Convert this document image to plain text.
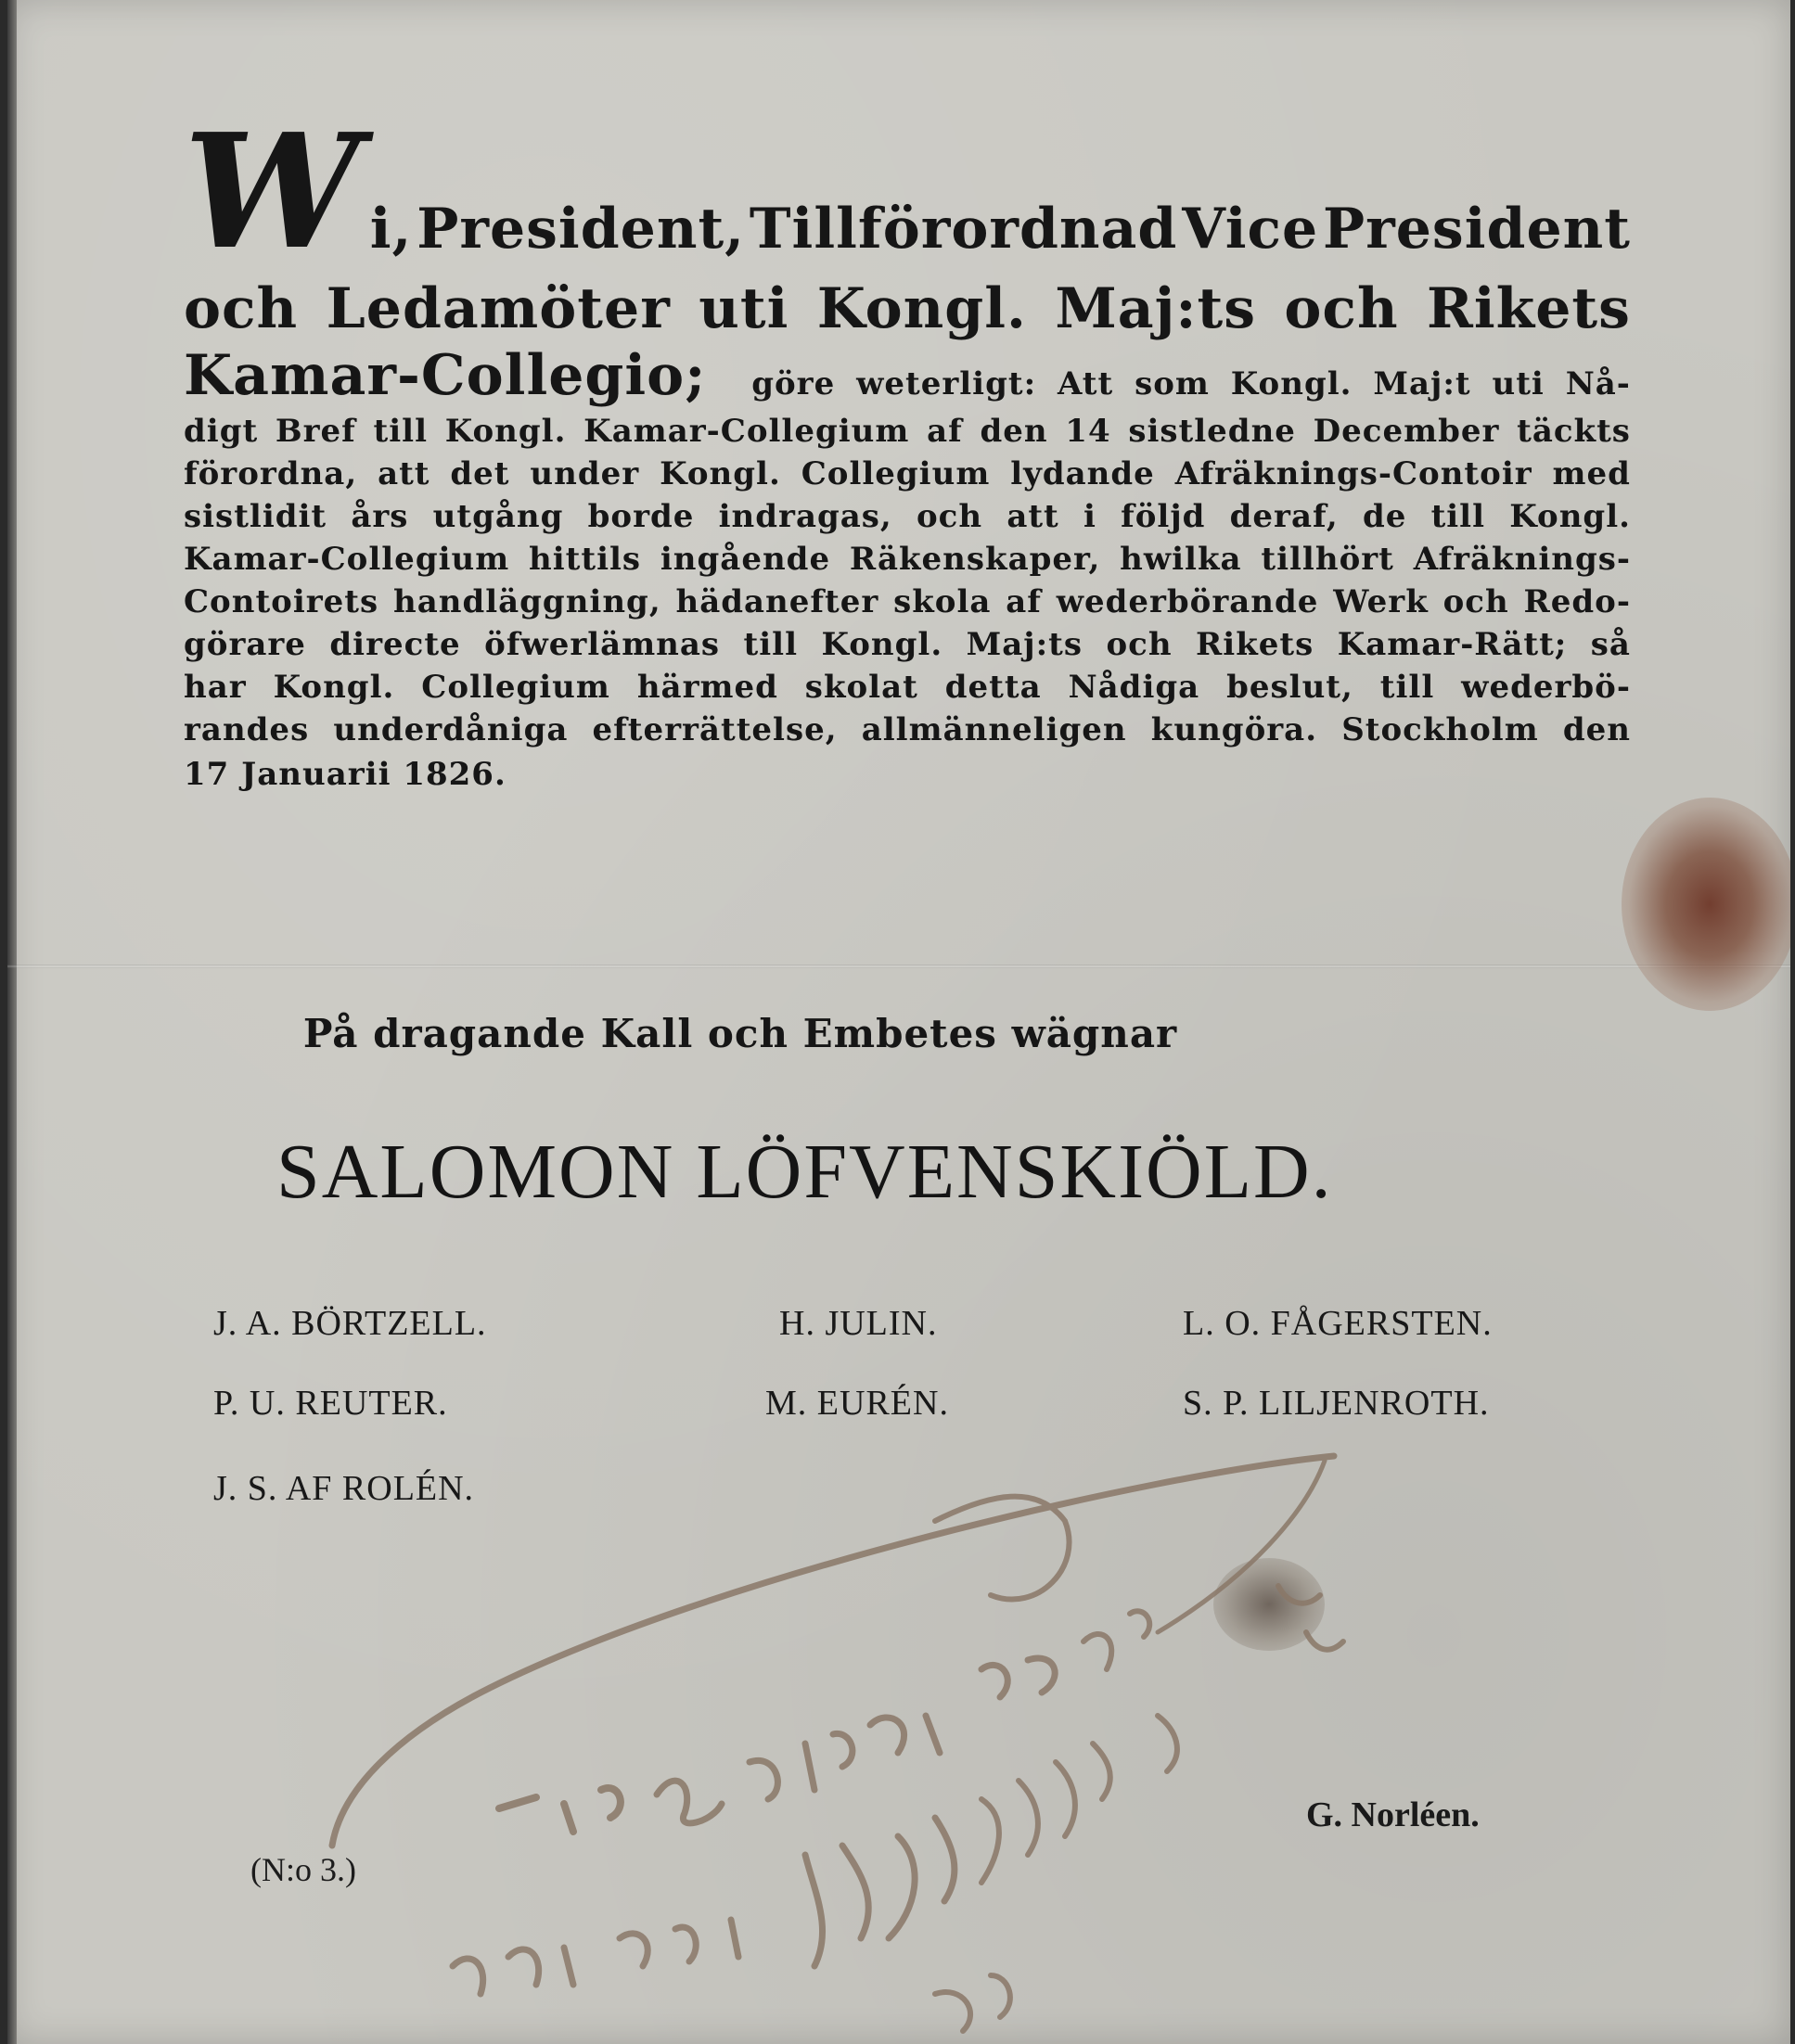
W i, President, Tillförordnad Vice President
och Ledamöter uti Kongl. Maj:ts och Rikets
Kamar-Collegio; göre weterligt: Att som Kongl. Maj:t uti Nå-
digt Bref till Kongl. Kamar-Collegium af den 14 sistledne December täckts
förordna, att det under Kongl. Collegium lydande Afräknings-Contoir med
sistlidit års utgång borde indragas, och att i följd deraf, de till Kongl.
Kamar-Collegium hittils ingående Räkenskaper, hwilka tillhört Afräknings-
Contoirets handläggning, hädanefter skola af wederbörande Werk och Redo-
görare directe öfwerlämnas till Kongl. Maj:ts och Rikets Kamar-Rätt; så
har Kongl. Collegium härmed skolat detta Nådiga beslut, till wederbö-
randes underdåniga efterrättelse, allmänneligen kungöra. Stockholm den
17 Januarii 1826.
På dragande Kall och Embetes wägnar
SALOMON LÖFVENSKIÖLD.
J. A. BÖRTZELL.	H. JULIN.	L. O. FÅGERSTEN.
P. U. REUTER.	M. EURÉN.	S. P. LILJENROTH.
J. S. AF ROLÉN.
(N:o 3.)
G. Norléen.
